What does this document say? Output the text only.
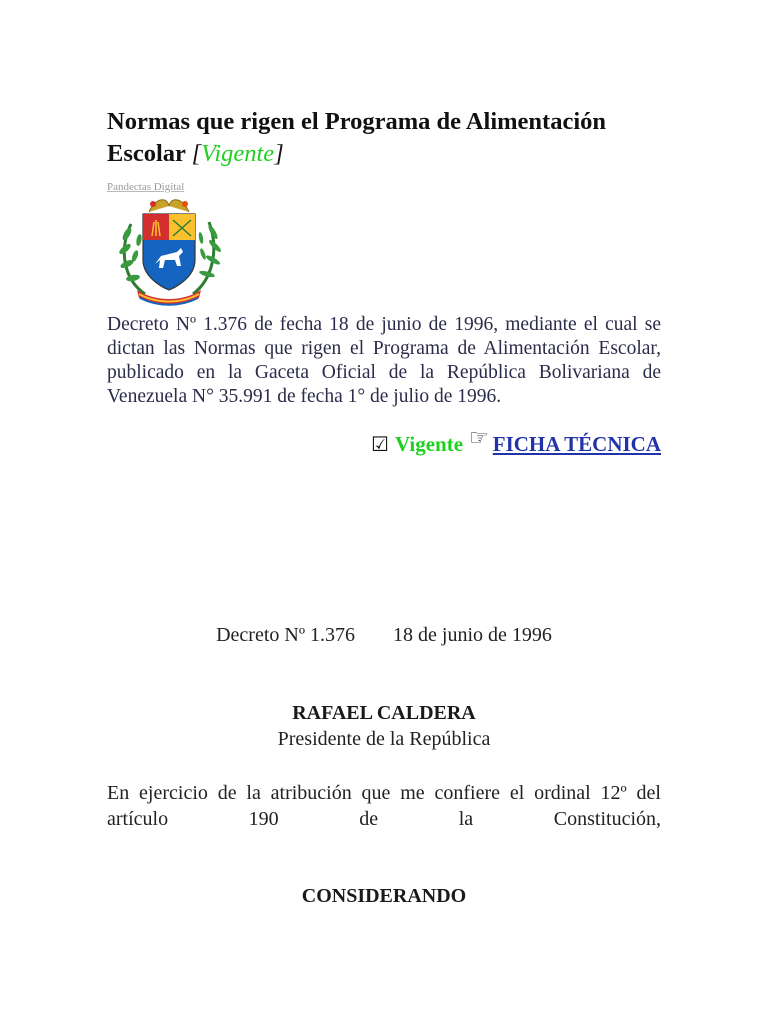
Normas que rigen el Programa de Alimentación Escolar [Vigente]
Pandectas Digital

Decreto Nº 1.376 de fecha 18 de junio de 1996, mediante el cual se dictan las Normas que rigen el Programa de Alimentación Escolar, publicado en la Gaceta Oficial de la República Bolivariana de Venezuela N° 35.991 de fecha 1° de julio de 1996.

☑ Vigente ☞ FICHA TÉCNICA
Decreto Nº 1.376 18 de junio de 1996
RAFAEL CALDERA
Presidente de la República

En ejercicio de la atribución que me confiere el ordinal 12º del artículo 190 de la Constitución,

CONSIDERANDO
